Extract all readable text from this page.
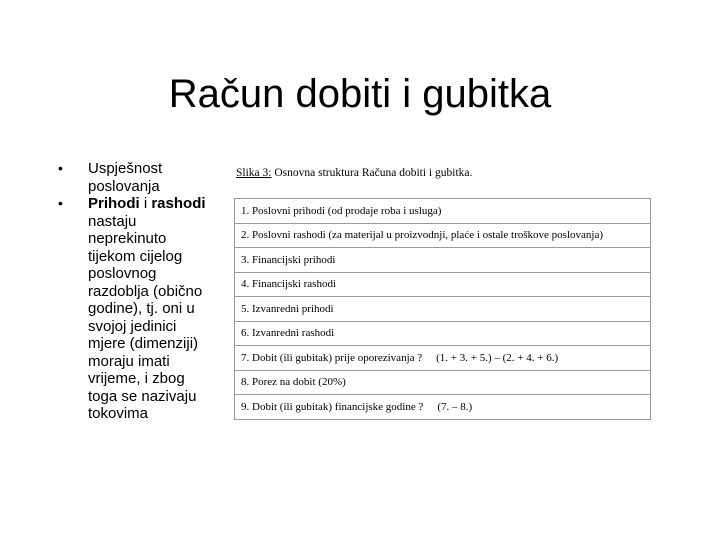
Račun dobiti i gubitka
• Uspješnost poslovanja
• Prihodi i rashodi nastaju neprekinuto tijekom cijelog poslovnog razdoblja (obično godine), tj. oni u svojoj jedinici mjere (dimenziji) moraju imati vrijeme, i zbog toga se nazivaju tokovima
Slika 3: Osnovna struktura Računa dobiti i gubitka.
1. Poslovni prihodi (od prodaje roba i usluga)
2. Poslovni rashodi (za materijal u proizvodnji, plaće i ostale troškove poslovanja)
3. Financijski prihodi
4. Financijski rashodi
5. Izvanredni prihodi
6. Izvanredni rashodi
7. Dobit (ili gubitak) prije oporezivanja ? (1. + 3. + 5.) – (2. + 4. + 6.)
8. Porez na dobit (20%)
9. Dobit (ili gubitak) financijske godine ? (7. – 8.)
